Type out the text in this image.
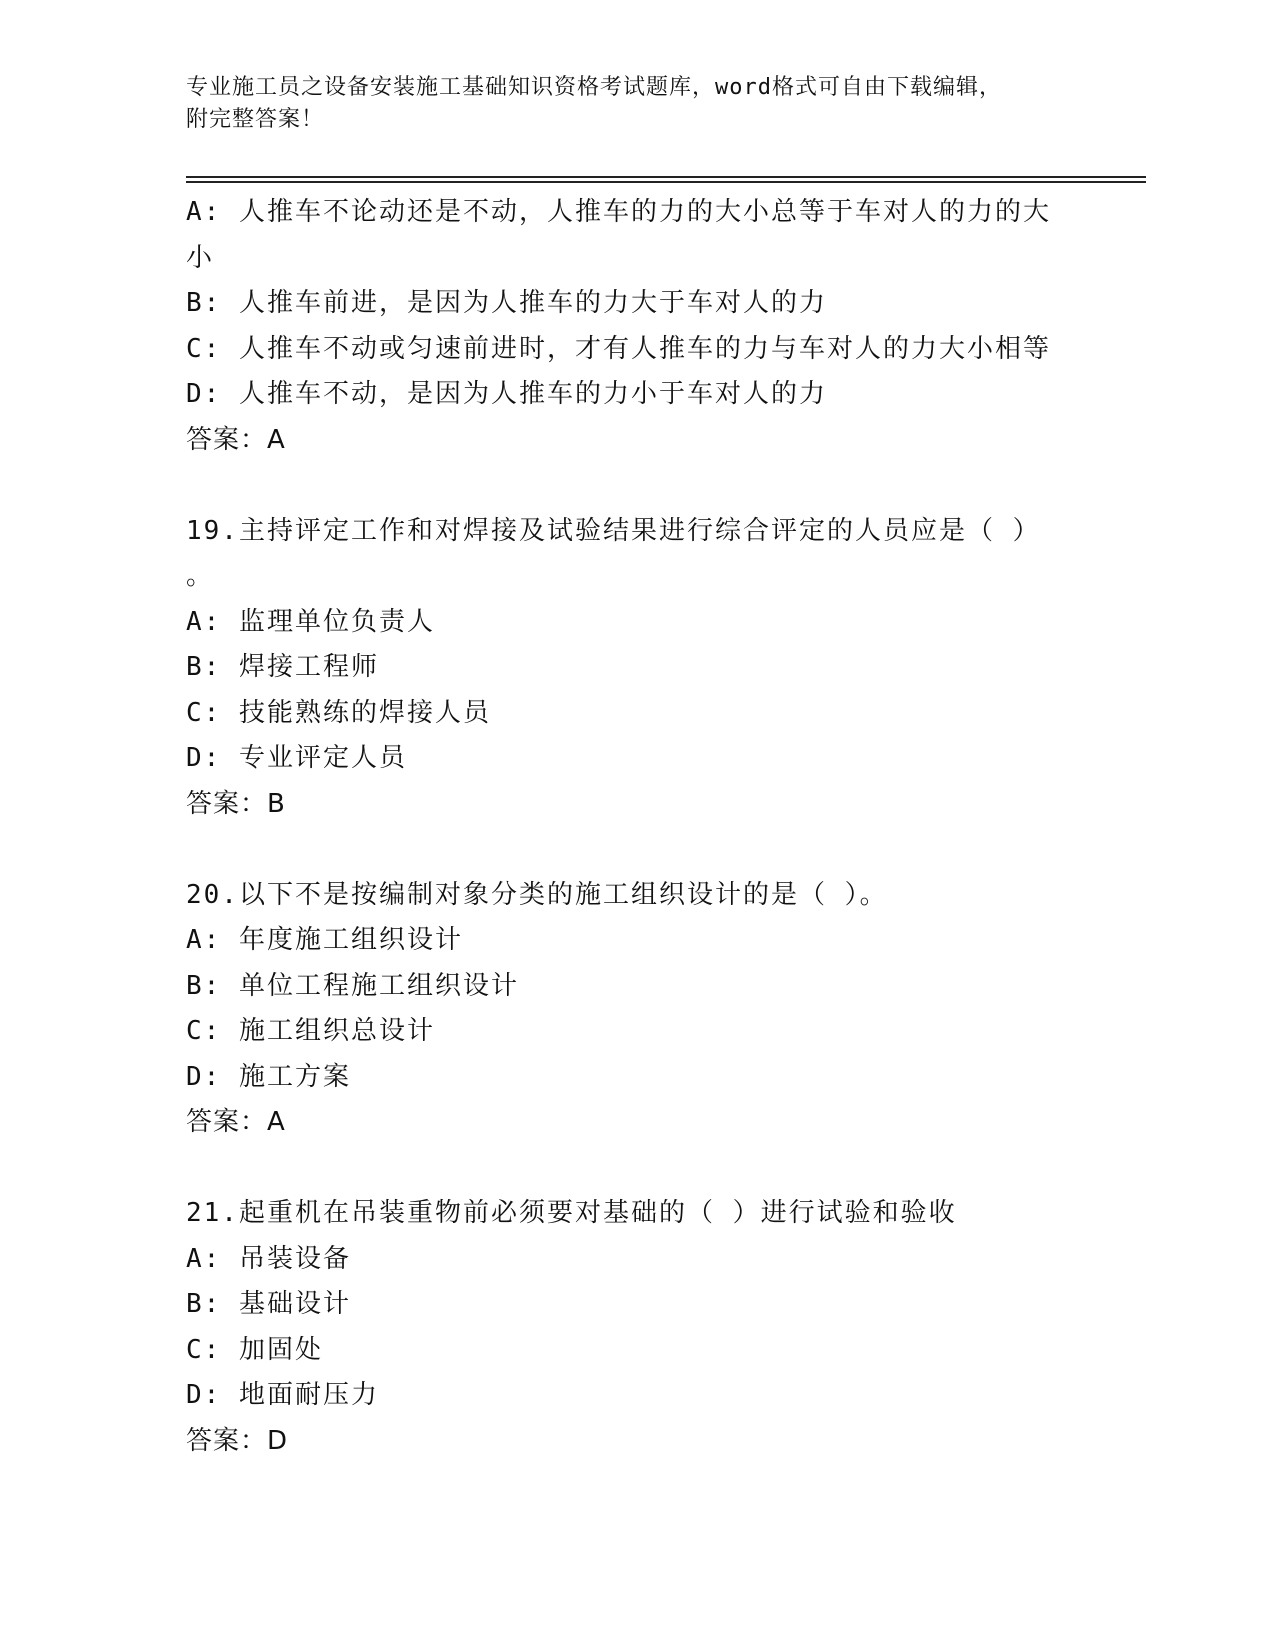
专业施工员之设备安装施工基础知识资格考试题库，word格式可自由下载编辑，
附完整答案！
A: 人推车不论动还是不动，人推车的力的大小总等于车对人的力的大
小
B: 人推车前进，是因为人推车的力大于车对人的力
C: 人推车不动或匀速前进时，才有人推车的力与车对人的力大小相等
D: 人推车不动，是因为人推车的力小于车对人的力
答案：A
19.主持评定工作和对焊接及试验结果进行综合评定的人员应是（ ）
。
A: 监理单位负责人
B: 焊接工程师
C: 技能熟练的焊接人员
D: 专业评定人员
答案：B
20.以下不是按编制对象分类的施工组织设计的是（ ）。
A: 年度施工组织设计
B: 单位工程施工组织设计
C: 施工组织总设计
D: 施工方案
答案：A
21.起重机在吊装重物前必须要对基础的（ ）进行试验和验收
A: 吊装设备
B: 基础设计
C: 加固处
D: 地面耐压力
答案：D
